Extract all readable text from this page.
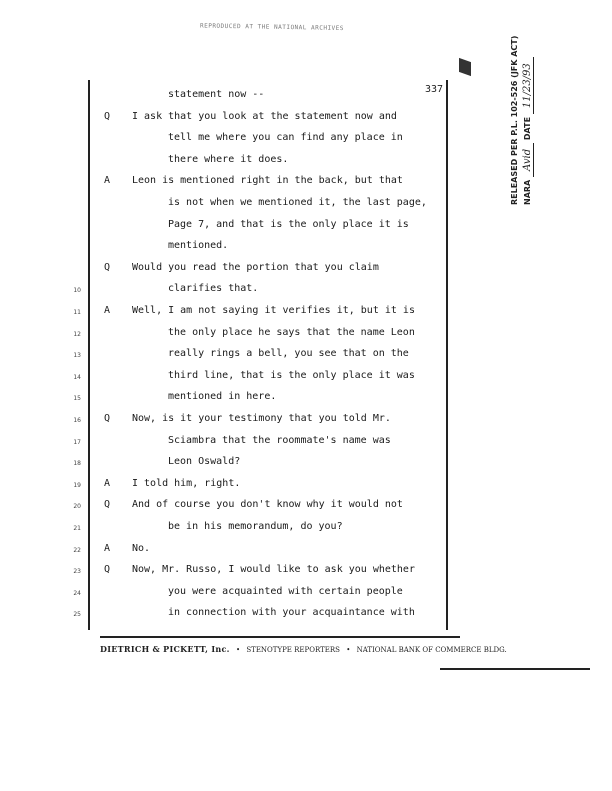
REPRODUCED AT THE NATIONAL ARCHIVES
statement now --
Q I ask that you look at the statement now and
tell me where you can find any place in
there where it does.
A Leon is mentioned right in the back, but that
is not when we mentioned it, the last page,
Page 7, and that is the only place it is
mentioned.
Q Would you read the portion that you claim
10	clarifies that.
11 A Well, I am not saying it verifies it, but it is
12	the only place he says that the name Leon
13	really rings a bell, you see that on the
14	third line, that is the only place it was
15	mentioned in here.
16 Q Now, is it your testimony that you told Mr.
17	Sciambra that the roommate's name was
18	Leon Oswald?
19 A I told him, right.
20 Q And of course you don't know why it would not
21	be in his memorandum, do you?
22 A No.
23 Q Now, Mr. Russo, I would like to ask you whether
24	you were acquainted with certain people
25	in connection with your acquaintance with
337
DIETRICH & PICKETT, Inc. • STENOTYPE REPORTERS • NATIONAL BANK OF COMMERCE BLDG.
RELEASED PER P.L. 102-526 (JFK ACT) NARA Avid DATE 11/23/93
